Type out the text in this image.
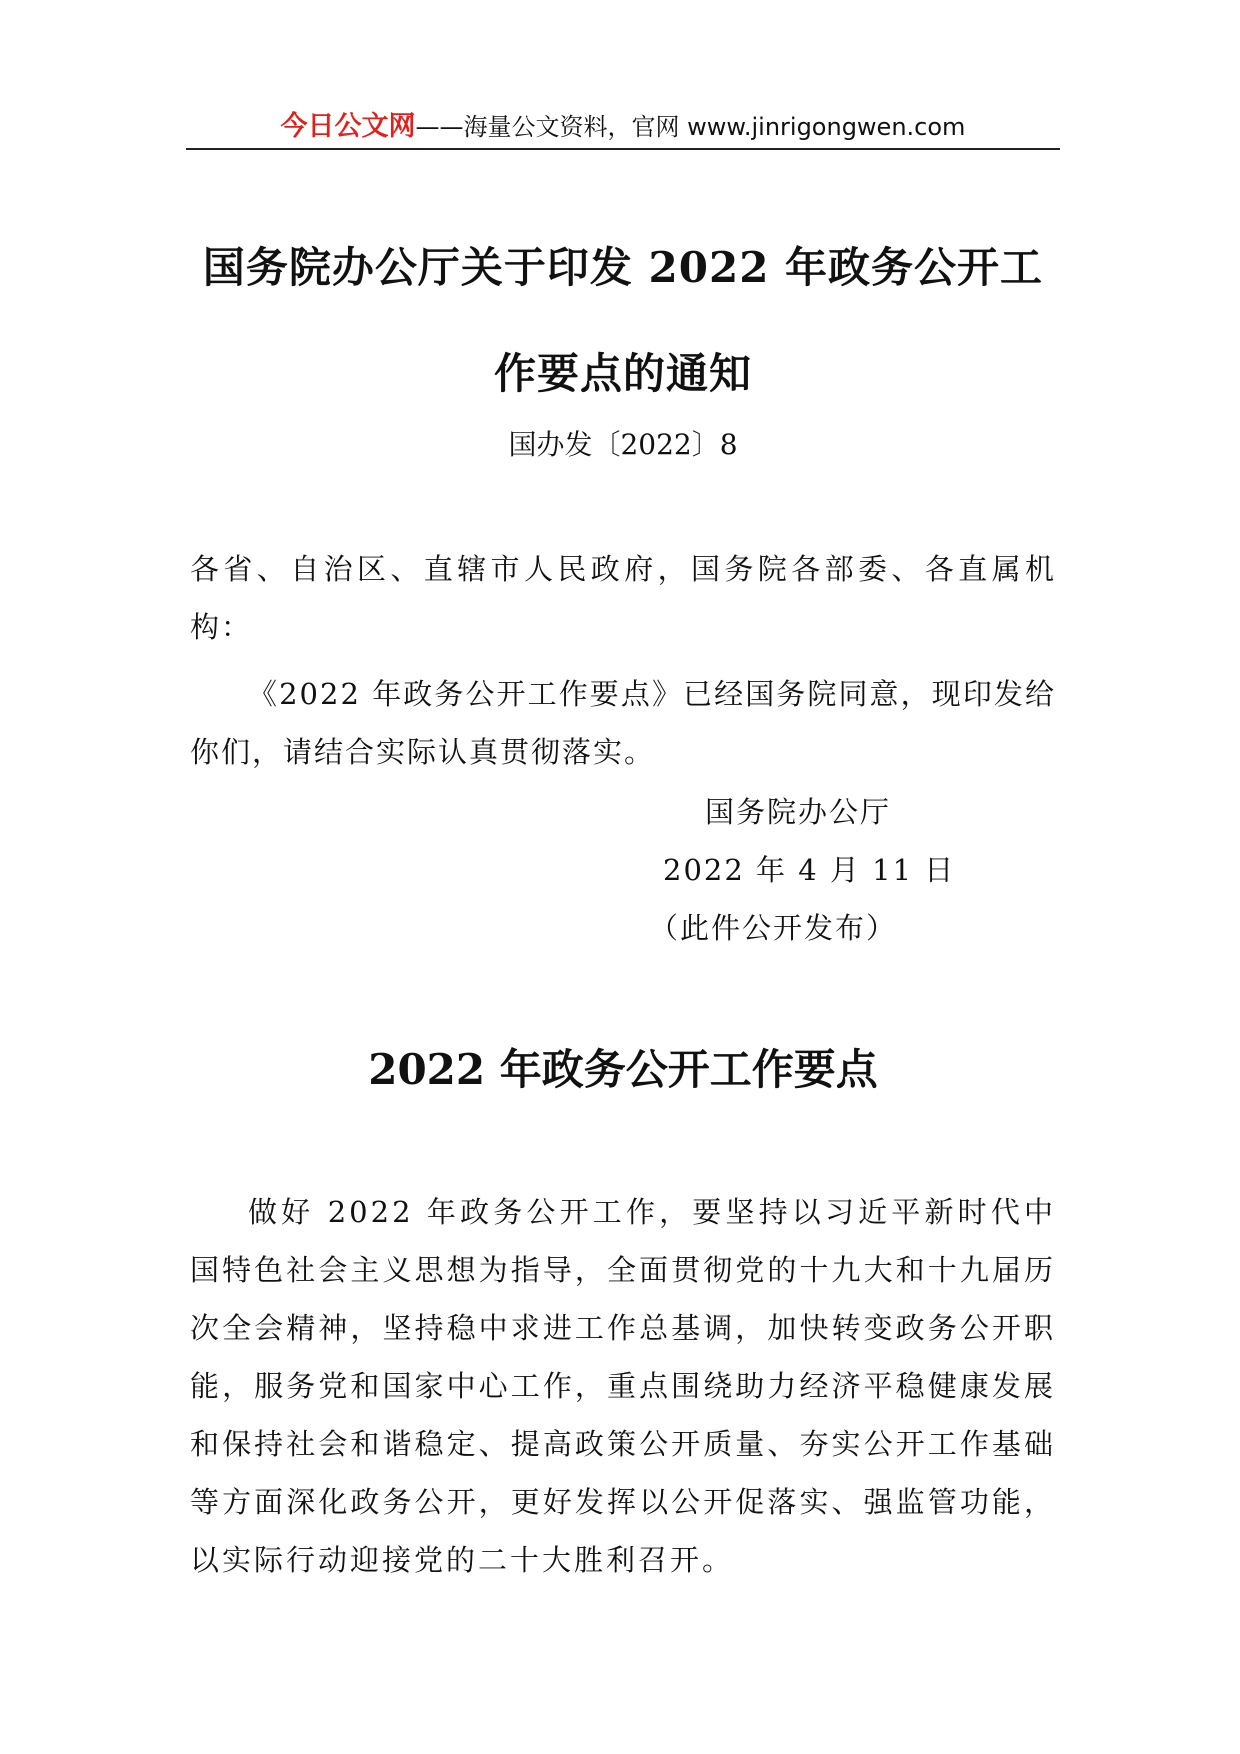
今日公文网——海量公文资料，官网 www.jinrigongwen.com
国务院办公厅关于印发 2022 年政务公开工
作要点的通知
国办发〔2022〕8
各省、自治区、直辖市人民政府，国务院各部委、各直属机构：
《2022 年政务公开工作要点》已经国务院同意，现印发给你们，请结合实际认真贯彻落实。
国务院办公厅
2022 年 4 月 11 日
（此件公开发布）
2022 年政务公开工作要点
做好 2022 年政务公开工作，要坚持以习近平新时代中国特色社会主义思想为指导，全面贯彻党的十九大和十九届历次全会精神，坚持稳中求进工作总基调，加快转变政务公开职能，服务党和国家中心工作，重点围绕助力经济平稳健康发展和保持社会和谐稳定、提高政策公开质量、夯实公开工作基础等方面深化政务公开，更好发挥以公开促落实、强监管功能，以实际行动迎接党的二十大胜利召开。
